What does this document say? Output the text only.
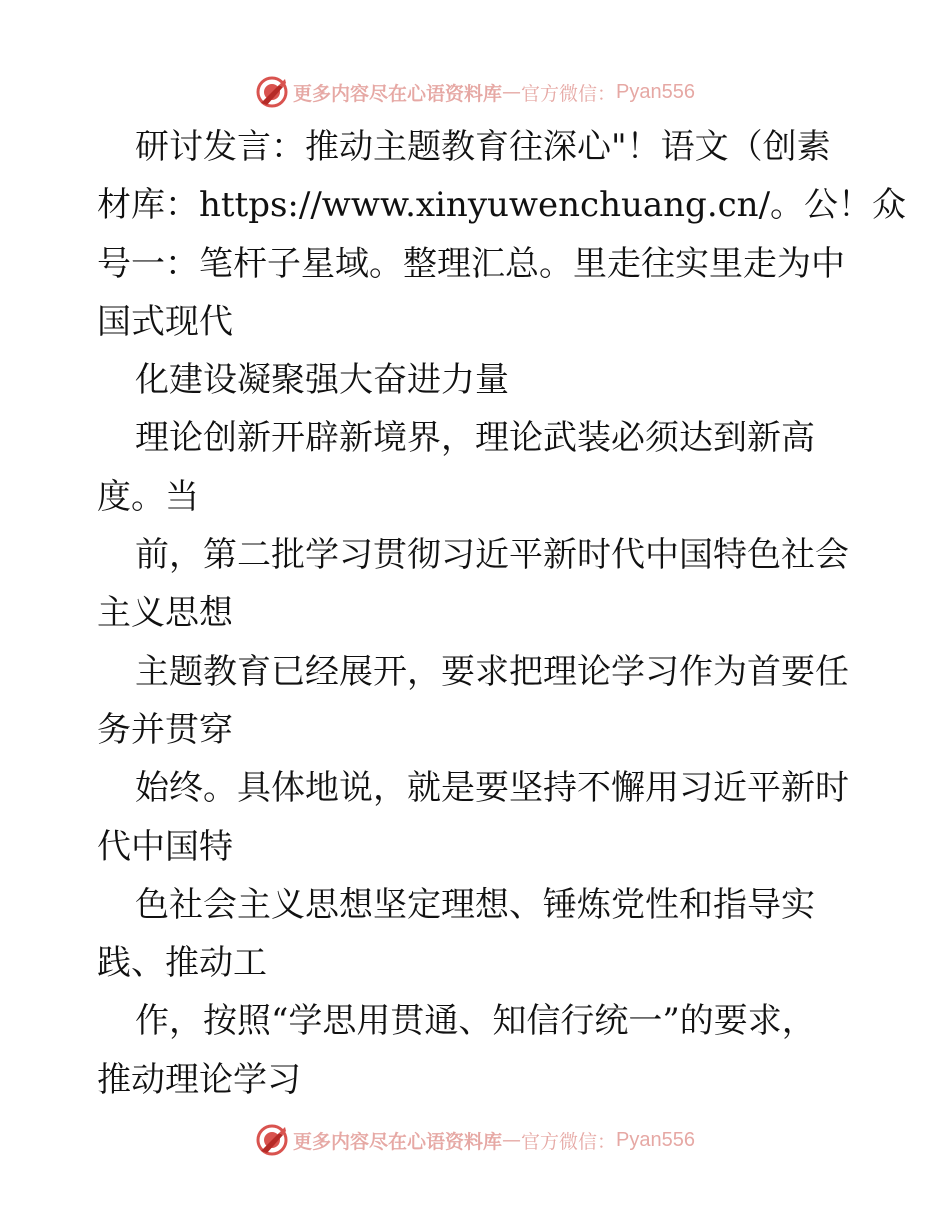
更多内容尽在心语资料库 — 官方微信： Pyan556
研讨发言：推动主题教育往深心"！语文（创素
材库：https://www.xinyuwenchuang.cn/。公！众
号一：笔杆子星域。整理汇总。里走往实里走为中
国式现代
化建设凝聚强大奋进力量
理论创新开辟新境界，理论武装必须达到新高
度。当
前，第二批学习贯彻习近平新时代中国特色社会
主义思想
主题教育已经展开，要求把理论学习作为首要任
务并贯穿
始终。具体地说，就是要坚持不懈用习近平新时
代中国特
色社会主义思想坚定理想、锤炼党性和指导实
践、推动工
作，按照“学思用贯通、知信行统一”的要求，
推动理论学习
更多内容尽在心语资料库 — 官方微信： Pyan556
